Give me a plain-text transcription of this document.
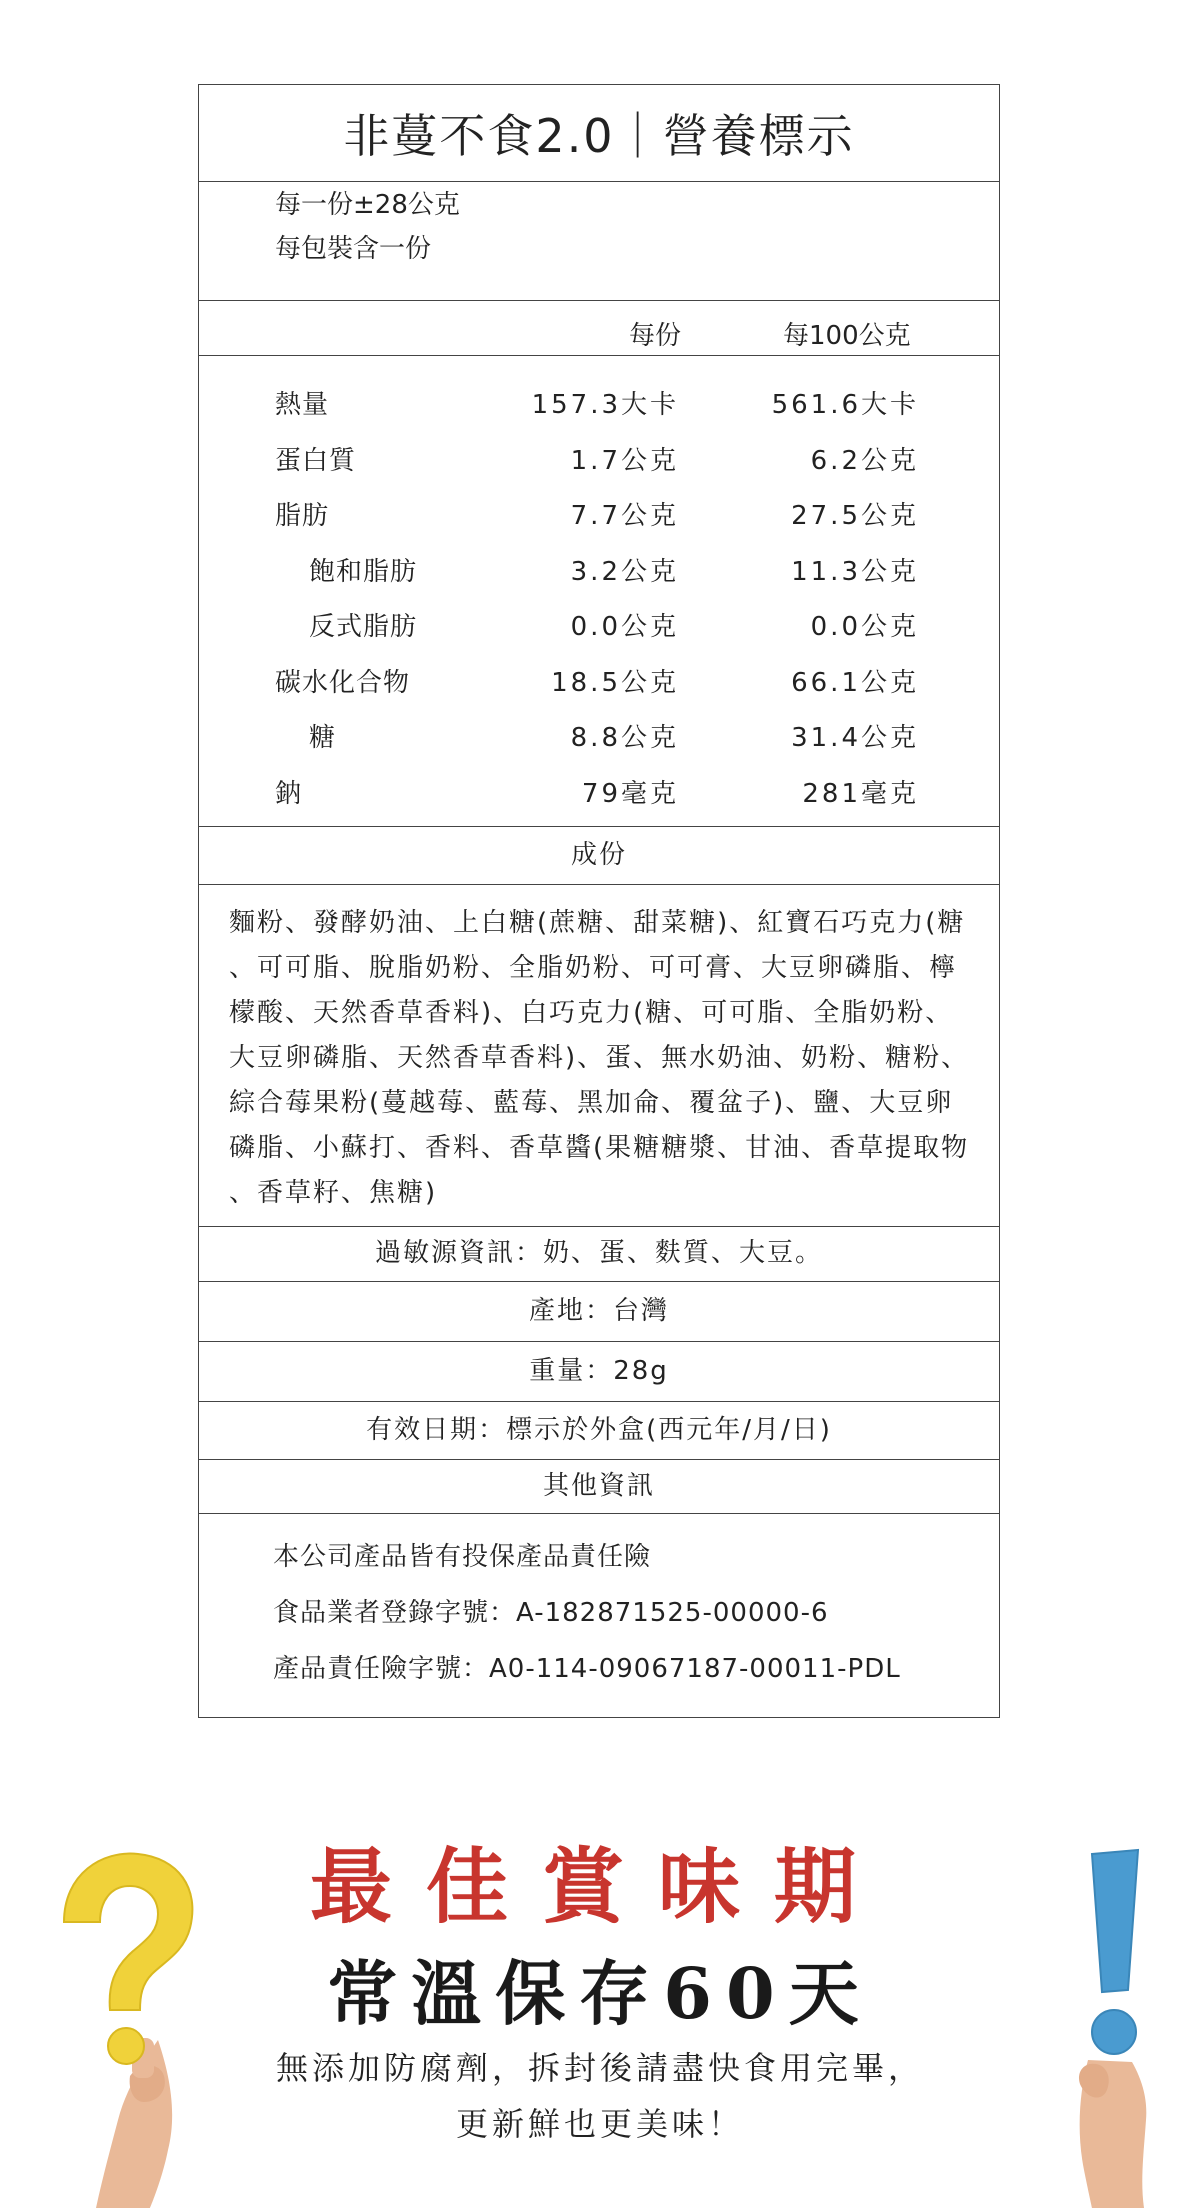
非蔓不食2.0｜營養標示
每一份±28公克
每包裝含一份
每份	每100公克
熱量	157.3大卡	561.6大卡
蛋白質	1.7公克	6.2公克
脂肪	7.7公克	27.5公克
飽和脂肪	3.2公克	11.3公克
反式脂肪	0.0公克	0.0公克
碳水化合物	18.5公克	66.1公克
糖	8.8公克	31.4公克
鈉	79毫克	281毫克
成份
麵粉、發酵奶油、上白糖(蔗糖、甜菜糖)、紅寶石巧克力(糖
、可可脂、脫脂奶粉、全脂奶粉、可可膏、大豆卵磷脂、檸
檬酸、天然香草香料)、白巧克力(糖、可可脂、全脂奶粉、
大豆卵磷脂、天然香草香料)、蛋、無水奶油、奶粉、糖粉、
綜合莓果粉(蔓越莓、藍莓、黑加侖、覆盆子)、鹽、大豆卵
磷脂、小蘇打、香料、香草醬(果糖糖漿、甘油、香草提取物
、香草籽、焦糖)
過敏源資訊：奶、蛋、麩質、大豆。
產地：台灣
重量：28g
有效日期：標示於外盒(西元年/月/日)
其他資訊
本公司產品皆有投保產品責任險
食品業者登錄字號：A-182871525-00000-6
產品責任險字號：A0-114-09067187-00011-PDL
最佳賞味期
常溫保存60天
無添加防腐劑，拆封後請盡快食用完畢，
更新鮮也更美味！
